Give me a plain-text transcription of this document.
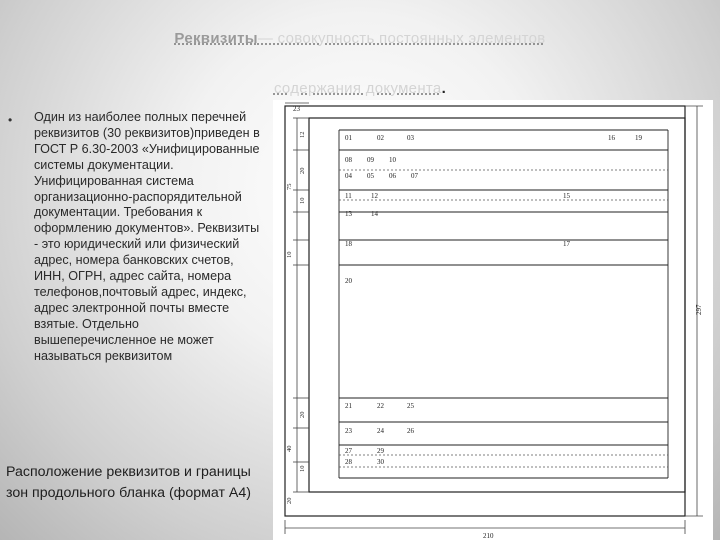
Реквизиты— совокупность постоянных элементов
содержания документа.
• Один из наиболее полных перечней реквизитов (30 реквизитов)приведен в ГОСТ Р 6.30-2003 «Унифицированные системы документации. Унифицированная система организационно-распорядительной документации. Требования к оформлению документов». Реквизиты - это юридический или физический адрес, номера банковских счетов, ИНН, ОГРН, адрес сайта, номера телефонов,почтовый адрес, индекс, адрес электронной почты вместе взятые. Отдельно вышеперечисленное не может называться реквизитом
Расположение реквизитов и границы зон продольного бланка (формат А4)
23
210
297
12
20
10
75
10
20
40
10
20
01	02	03	16	19
08 09 10
04 05 06 07
11	12	15
13	14
18	17
20
21	22	25
23	24	26
27	29
28	30
